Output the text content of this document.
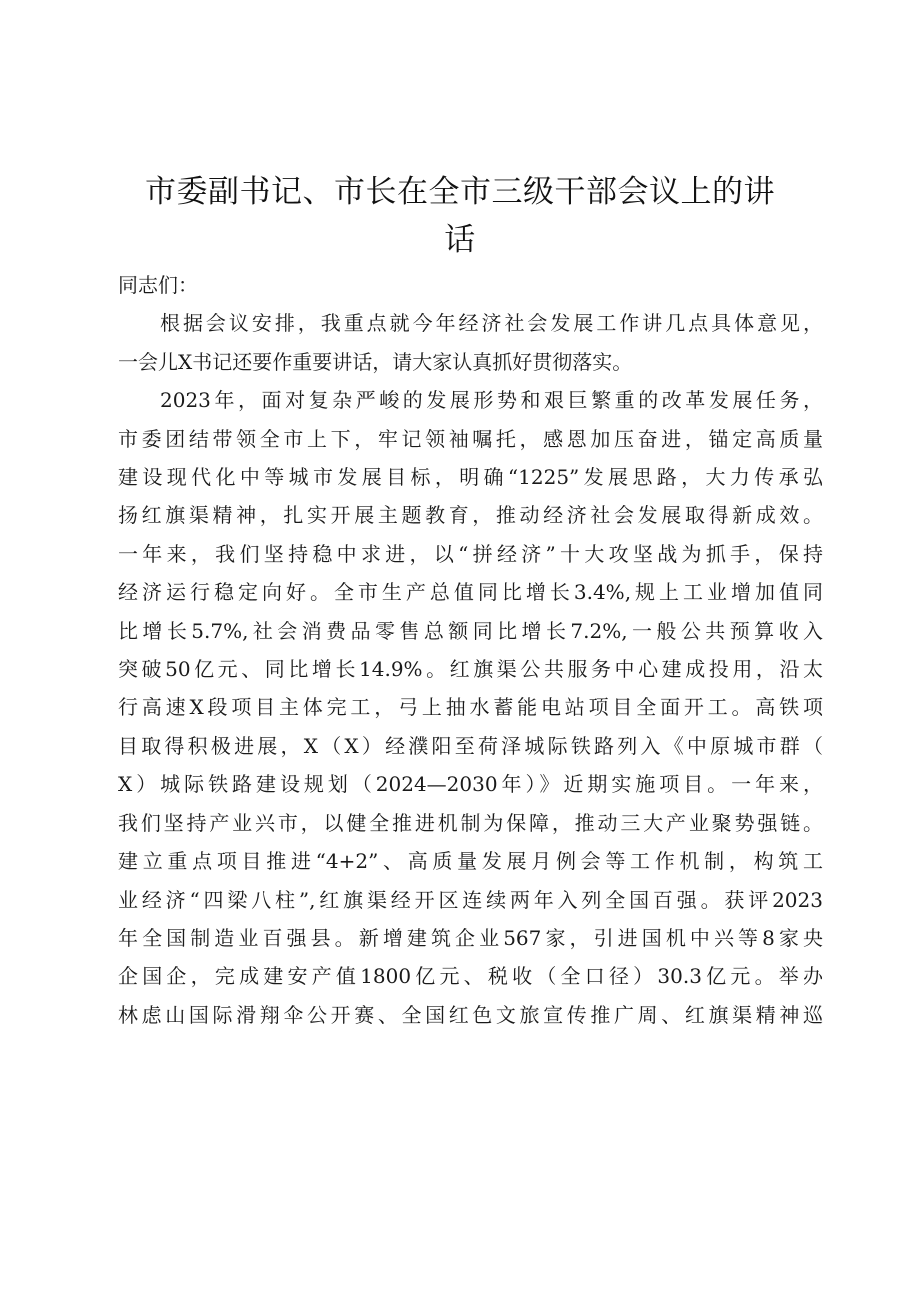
市委副书记、市长在全市三级干部会议上的讲
话
同志们：
根据会议安排，我重点就今年经济社会发展工作讲几点具体意见，
一会儿X书记还要作重要讲话，请大家认真抓好贯彻落实。
2023年，面对复杂严峻的发展形势和艰巨繁重的改革发展任务，
市委团结带领全市上下，牢记领袖嘱托，感恩加压奋进，锚定高质量
建设现代化中等城市发展目标，明确“1225”发展思路，大力传承弘
扬红旗渠精神，扎实开展主题教育，推动经济社会发展取得新成效。
一年来，我们坚持稳中求进，以“拼经济”十大攻坚战为抓手，保持
经济运行稳定向好。全市生产总值同比增长3.4%,规上工业增加值同
比增长5.7%,社会消费品零售总额同比增长7.2%,一般公共预算收入
突破50亿元、同比增长14.9%。红旗渠公共服务中心建成投用，沿太
行高速X段项目主体完工，弓上抽水蓄能电站项目全面开工。高铁项
目取得积极进展，X（X）经濮阳至荷泽城际铁路列入《中原城市群（
X）城际铁路建设规划（2024—2030年）》近期实施项目。一年来，
我们坚持产业兴市，以健全推进机制为保障，推动三大产业聚势强链。
建立重点项目推进“4+2”、高质量发展月例会等工作机制，构筑工
业经济“四梁八柱”,红旗渠经开区连续两年入列全国百强。获评2023
年全国制造业百强县。新增建筑企业567家，引进国机中兴等8家央
企国企，完成建安产值1800亿元、税收（全口径）30.3亿元。举办
林虑山国际滑翔伞公开赛、全国红色文旅宣传推广周、红旗渠精神巡
